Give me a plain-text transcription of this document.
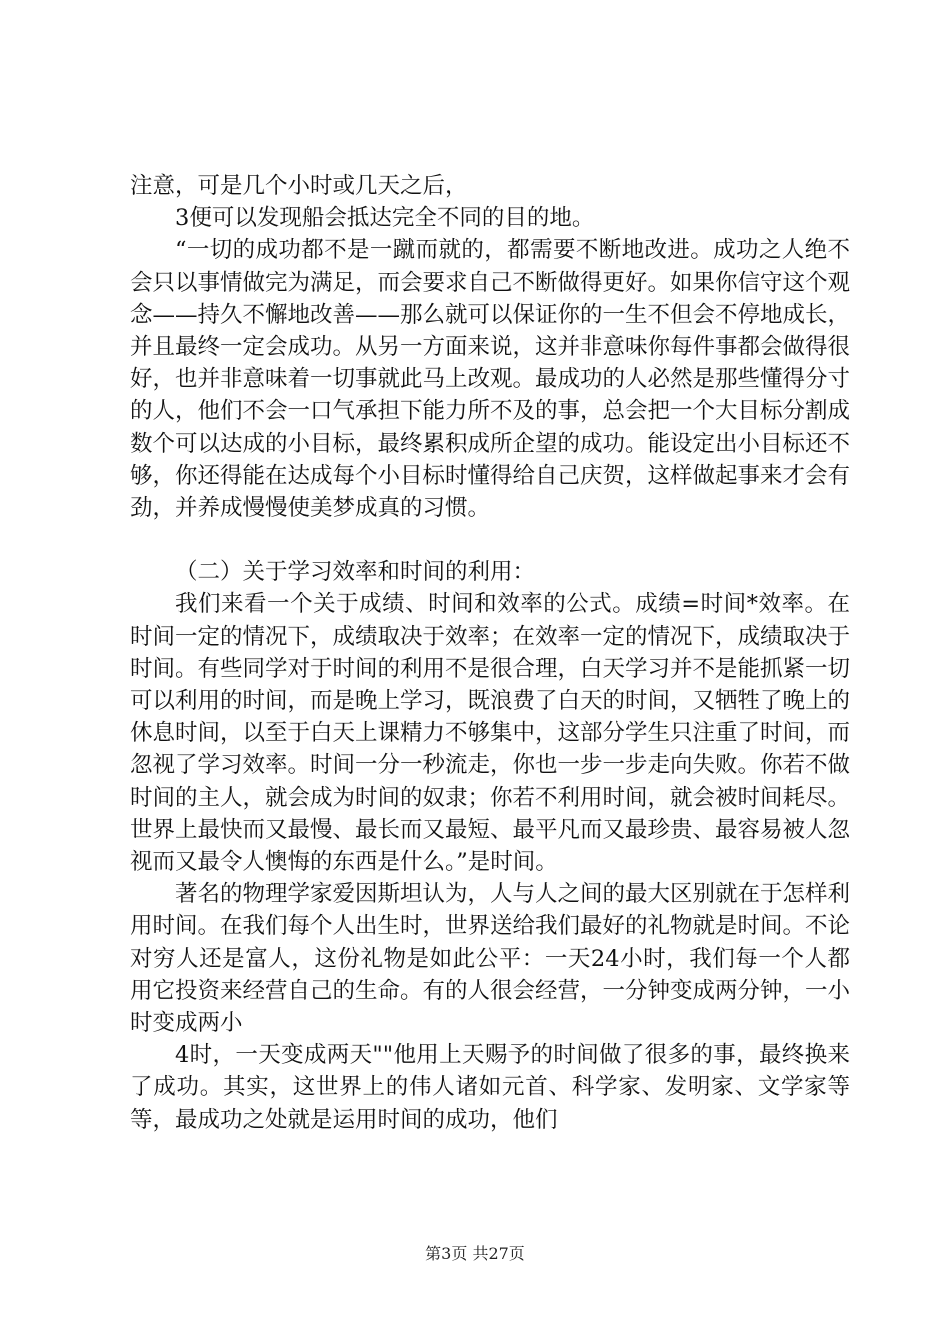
注意，可是几个小时或几天之后，

3便可以发现船会抵达完全不同的目的地。

“一切的成功都不是一蹴而就的，都需要不断地改进。成功之人绝不会只以事情做完为满足，而会要求自己不断做得更好。如果你信守这个观念——持久不懈地改善——那么就可以保证你的一生不但会不停地成长，并且最终一定会成功。从另一方面来说，这并非意味你每件事都会做得很好，也并非意味着一切事就此马上改观。最成功的人必然是那些懂得分寸的人，他们不会一口气承担下能力所不及的事，总会把一个大目标分割成数个可以达成的小目标，最终累积成所企望的成功。能设定出小目标还不够，你还得能在达成每个小目标时懂得给自己庆贺，这样做起事来才会有劲，并养成慢慢使美梦成真的习惯。

（二）关于学习效率和时间的利用：

我们来看一个关于成绩、时间和效率的公式。成绩=时间*效率。在时间一定的情况下，成绩取决于效率；在效率一定的情况下，成绩取决于时间。有些同学对于时间的利用不是很合理，白天学习并不是能抓紧一切可以利用的时间，而是晚上学习，既浪费了白天的时间，又牺牲了晚上的休息时间，以至于白天上课精力不够集中，这部分学生只注重了时间，而忽视了学习效率。时间一分一秒流走，你也一步一步走向失败。你若不做时间的主人，就会成为时间的奴隶；你若不利用时间，就会被时间耗尽。世界上最快而又最慢、最长而又最短、最平凡而又最珍贵、最容易被人忽视而又最令人懊悔的东西是什么。”是时间。

著名的物理学家爱因斯坦认为，人与人之间的最大区别就在于怎样利用时间。在我们每个人出生时，世界送给我们最好的礼物就是时间。不论对穷人还是富人，这份礼物是如此公平：一天24小时，我们每一个人都用它投资来经营自己的生命。有的人很会经营，一分钟变成两分钟，一小时变成两小

4时，一天变成两天""他用上天赐予的时间做了很多的事，最终换来了成功。其实，这世界上的伟人诸如元首、科学家、发明家、文学家等等，最成功之处就是运用时间的成功，他们

第3页 共27页
